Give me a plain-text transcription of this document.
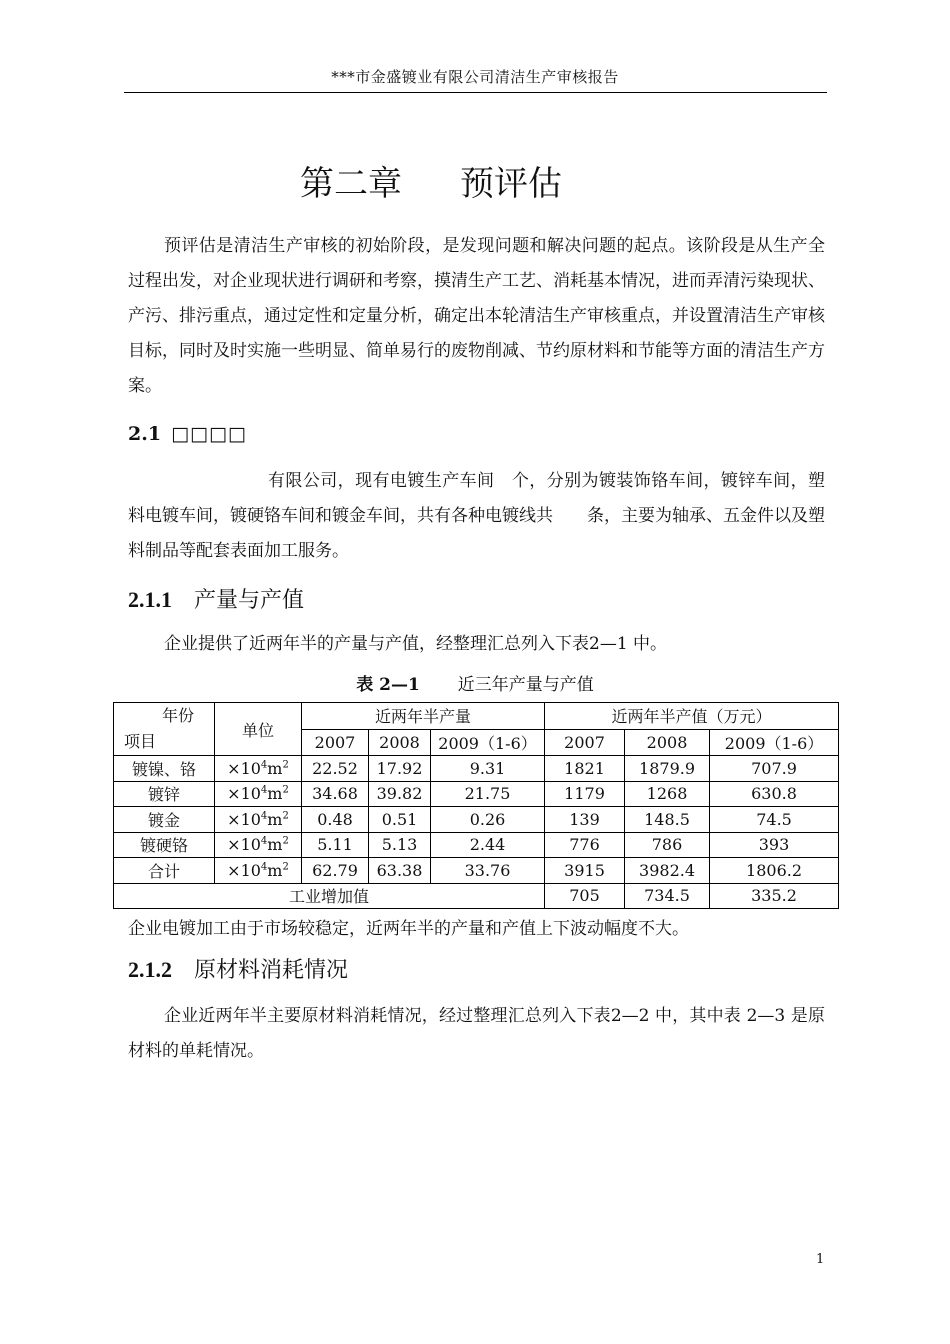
***市金盛镀业有限公司清洁生产审核报告
第二章 预评估

预评估是清洁生产审核的初始阶段，是发现问题和解决问题的起点。该阶段是从生产全过程出发，对企业现状进行调研和考察，摸清生产工艺、消耗基本情况，进而弄清污染现状、产污、排污重点，通过定性和定量分析，确定出本轮清洁生产审核重点，并设置清洁生产审核目标，同时及时实施一些明显、简单易行的废物削减、节约原材料和节能等方面的清洁生产方案。

2.1 □□□□

有限公司，现有电镀生产车间　个，分别为镀装饰铬车间，镀锌车间，塑料电镀车间，镀硬铬车间和镀金车间，共有各种电镀线共　　条，主要为轴承、五金件以及塑料制品等配套表面加工服务。

2.1.1 产量与产值

企业提供了近两年半的产量与产值，经整理汇总列入下表2—1 中。

表 2—1 近三年产量与产值
年份
项目	单位	近两年半产量			近两年半产值（万元）		
		2007	2008	2009（1-6）	2007	2008	2009（1-6）
镀镍、铬	$\times 10^4m^2$	22.52	17.92	9.31	1821	1879.9	707.9
镀锌	$\times 10^4m^2$	34.68	39.82	21.75	1179	1268	630.8
镀金	$\times 10^4m^2$	0.48	0.51	0.26	139	148.5	74.5
镀硬铬	$\times 10^4m^2$	5.11	5.13	2.44	776	786	393
合计	$\times 10^4m^2$	62.79	63.38	33.76	3915	3982.4	1806.2
工业增加值					705	734.5	335.2

企业电镀加工由于市场较稳定，近两年半的产量和产值上下波动幅度不大。

2.1.2 原材料消耗情况

企业近两年半主要原材料消耗情况，经过整理汇总列入下表2—2 中，其中表 2—3 是原材料的单耗情况。

1
